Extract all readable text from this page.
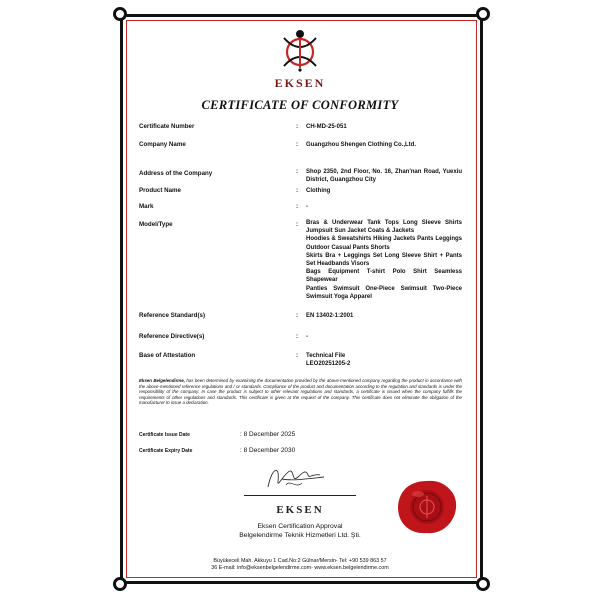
EKSEN
CERTIFICATE OF CONFORMITY
Certificate Number	: CH-MD-25-051
Company Name	: Guangzhou Shengen Clothing Co.,Ltd.
Address of the Company	: Shop 2350, 2nd Floor, No. 16, Zhan'nan Road, Yuexiu District, Guangzhou City
Product Name	: Clothing
Mark	: -
Model/Type	: Bras & Underwear Tank Tops Long Sleeve Shirts Jumpsuit Sun Jacket Coats & Jackets
Hoodies & Sweatshirts Hiking Jackets Pants Leggings Outdoor Casual Pants Shorts
Skirts Bra + Leggings Set Long Sleeve Shirt + Pants Set Headbands Visors
Bags Equipment T-shirt Polo Shirt Seamless Shapewear
Panties Swimsuit One-Piece Swimsuit Two-Piece Swimsuit Yoga Apparel
Reference Standard(s)	: EN 13402-1:2001
Reference Directive(s)	: -
Base of Attestation	: Technical File
LEO20251205-2
Eksen Belgelendirme, has been determined by examining the documentation provided by the above-mentioned company regarding the product in accordance with the above-mentioned reference regulations and / or standards. Compliance of the product and documentation according to the regulation and standards is under the responsibility of the company. In case the product is subject to other relevant regulations and standards, a certificate is issued when the company fulfills the requirements of other regulations and standards. This certificate is given at the request of the company. This certificate does not eliminate the obligation of the manufacturer to issue a declaration.
Certificate Issue Date	: 8 December 2025
Certificate Expiry Date	: 8 December 2030
EKSEN
Eksen Certification Approval
Belgelendirme Teknik Hizmetleri Ltd. Şti.
Büyükeceli Mah. Akkuyu 1 Cad.No:2 Gülnar/Mersin- Tel: +90 539 863 57
36 E-mail: info@eksenbelgelendirme.com- www.eksen.belgelendirme.com
